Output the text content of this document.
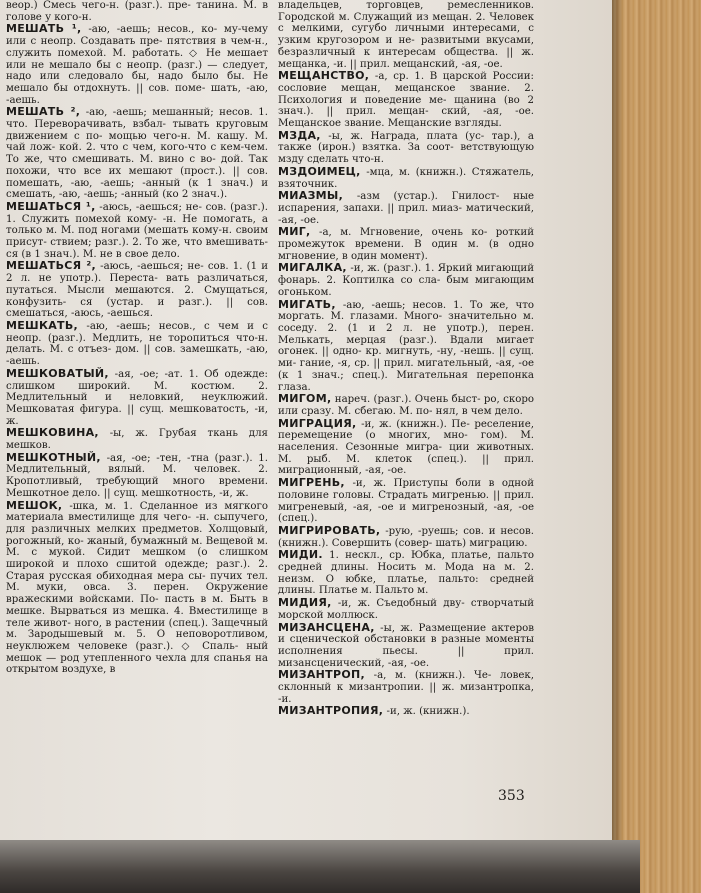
веор.) Смесь чего-н. (разг.). пре- танина. М. в голове у кого-н.

МЕШАТЬ ¹, -аю, -аешь; несов., ко- му-чему или с неопр. Создавать пре- пятствия в чем-н., служить помехой. М. работать. ◇ Не мешает или не мешало бы с неопр. (разг.) — следует, надо или следовало бы, надо было бы. Не мешало бы отдохнуть. || сов. поме- шать, -аю, -аешь.

МЕШАТЬ ², -аю, -аешь; мешанный; несов. 1. что. Переворачивать, взбал- тывать круговым движением с по- мощью чего-н. М. кашу. М. чай лож- кой. 2. что с чем, кого-что с кем-чем. То же, что смешивать. М. вино с во- дой. Так похожи, что все их мешают (прост.). || сов. помешать, -аю, -аешь; -анный (к 1 знач.) и смешать, -аю, -аешь; -анный (ко 2 знач.).

МЕШАТЬСЯ ¹, -аюсь, -аешься; не- сов. (разг.). 1. Служить помехой кому- -н. Не помогать, а только м. М. под ногами (мешать кому-н. своим присут- ствием; разг.). 2. То же, что вмешивать- ся (в 1 знач.). М. не в свое дело.

МЕШАТЬСЯ ², -аюсь, -аешься; не- сов. 1. (1 и 2 л. не употр.). Переста- вать различаться, путаться. Мысли мешаются. 2. Смущаться, конфузить- ся (устар. и разг.). || сов. смешаться, -аюсь, -аешься.

МЕШКАТЬ, -аю, -аешь; несов., с чем и с неопр. (разг.). Медлить, не торопиться что-н. делать. М. с отъез- дом. || сов. замешкать, -аю, -аешь.

МЕШКОВАТЫЙ, -ая, -ое; -ат. 1. Об одежде: слишком широкий. М. костюм. 2. Медлительный и неловкий, неуклюжий. Мешковатая фигура. || сущ. мешковатость, -и, ж.

МЕШКОВИНА, -ы, ж. Грубая ткань для мешков.

МЕШКОТНЫЙ, -ая, -ое; -тен, -тна (разг.). 1. Медлительный, вялый. М. человек. 2. Кропотливый, требующий много времени. Мешкотное дело. || сущ. мешкотность, -и, ж.

МЕШОК, -шка, м. 1. Сделанное из мягкого материала вместилище для чего- -н. сыпучего, для различных мелких предметов. Холщовый, рогожный, ко- жаный, бумажный м. Вещевой м. М. с мукой. Сидит мешком (о слишком широкой и плохо сшитой одежде; разг.). 2. Старая русская обиходная мера сы- пучих тел. М. муки, овса. 3. перен. Окружение вражескими войсками. По- пасть в м. Быть в мешке. Вырваться из мешка. 4. Вместилище в теле живот- ного, в растении (спец.). Защечный м. Зародышевый м. 5. О неповоротливом, неуклюжем человеке (разг.). ◇ Спаль- ный мешок — род утепленного чехла для спанья на открытом воздухе, в

владельцев, торговцев, ремесленников. Городской м. Служащий из мещан. 2. Человек с мелкими, сугубо личными интересами, с узким кругозором и не- развитыми вкусами, безразличный к интересам общества. || ж. мещанка, -и. || прил. мещанский, -ая, -ое.

МЕЩАНСТВО, -а, ср. 1. В царской России: сословие мещан, мещанское звание. 2. Психология и поведение ме- щанина (во 2 знач.). || прил. мещан- ский, -ая, -ое. Мещанское звание. Мещанские взгляды.

МЗДА, -ы, ж. Награда, плата (ус- тар.), а также (ирон.) взятка. За соот- ветствующую мзду сделать что-н.

МЗДОИМЕЦ, -мца, м. (книжн.). Стяжатель, взяточник.

МИАЗМЫ, -азм (устар.). Гнилост- ные испарения, запахи. || прил. миаз- матический, -ая, -ое.

МИГ, -а, м. Мгновение, очень ко- роткий промежуток времени. В один м. (в одно мгновение, в один момент).

МИГАЛКА, -и, ж. (разг.). 1. Яркий мигающий фонарь. 2. Коптилка со сла- бым мигающим огоньком.

МИГАТЬ, -аю, -аешь; несов. 1. То же, что моргать. М. глазами. Много- значительно м. соседу. 2. (1 и 2 л. не употр.), перен. Мелькать, мерцая (разг.). Вдали мигает огонек. || одно- кр. мигнуть, -ну, -нешь. || сущ. ми- гание, -я, ср. || прил. мигательный, -ая, -ое (к 1 знач.; спец.). Мигательная перепонка глаза.

МИГОМ, нареч. (разг.). Очень быст- ро, скоро или сразу. М. сбегаю. М. по- нял, в чем дело.

МИГРАЦИЯ, -и, ж. (книжн.). Пе- реселение, перемещение (о многих, мно- гом). М. населения. Сезонные мигра- ции животных. М. рыб. М. клеток (спец.). || прил. миграционный, -ая, -ое.

МИГРЕНЬ, -и, ж. Приступы боли в одной половине головы. Страдать мигренью. || прил. мигреневый, -ая, -ое и мигренозный, -ая, -ое (спец.).

МИГРИРОВАТЬ, -рую, -руешь; сов. и несов. (книжн.). Совершить (совер- шать) миграцию.

МИДИ. 1. нескл., ср. Юбка, платье, пальто средней длины. Носить м. Мода на м. 2. неизм. О юбке, платье, пальто: средней длины. Платье м. Пальто м.

МИДИЯ, -и, ж. Съедобный дву- створчатый морской моллюск.

МИЗАНСЦЕНА, -ы, ж. Размещение актеров и сценической обстановки в разные моменты исполнения пьесы. || прил. мизансценический, -ая, -ое.

МИЗАНТРОП, -а, м. (книжн.). Че- ловек, склонный к мизантропии. || ж. мизантропка, -и.

МИЗАНТРОПИЯ, -и, ж. (книжн.).

353
